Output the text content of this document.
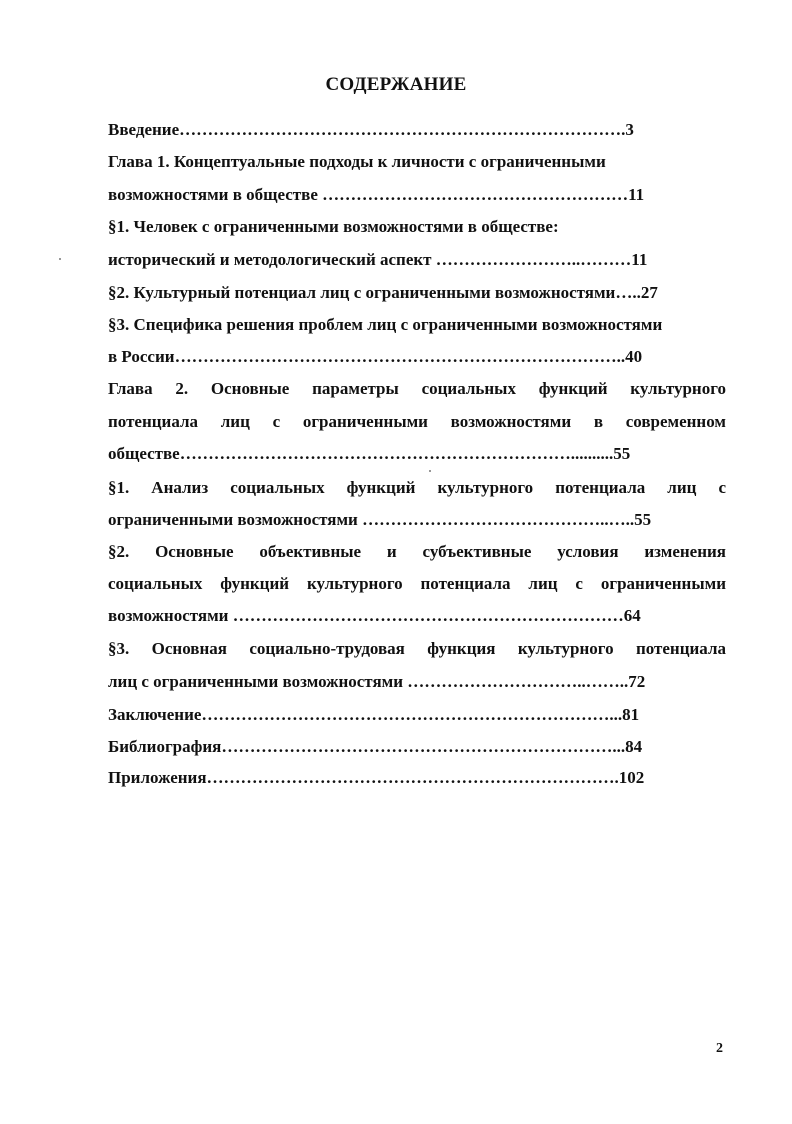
СОДЕРЖАНИЕ
Введение…………………………………………………………………….3
Глава 1. Концептуальные подходы к личности с ограниченными
возможностями в обществе ………………………………………………11
§1. Человек с ограниченными возможностями в обществе:
исторический и методологический аспект ……………………..………11
§2. Культурный потенциал лиц с ограниченными возможностями…..27
§3. Специфика решения проблем лиц с ограниченными возможностями
в России……………………………………………………………………..40
Глава 2. Основные параметры социальных функций культурного
потенциала лиц с ограниченными возможностями в современном
обществе……………………………………………………………..........55
§1. Анализ социальных функций культурного потенциала лиц с
ограниченными возможностями ……………………………………..…..55
§2. Основные объективные и субъективные условия изменения
социальных функций культурного потенциала лиц с ограниченными
возможностями ……………………………………………………………64
§3. Основная социально-трудовая функция культурного потенциала
лиц с ограниченными возможностями …………………………..……..72
Заключение………………………………………………………………...81
Библиография……………………………………………………………...84
Приложения……………………………………………………………….102
2
